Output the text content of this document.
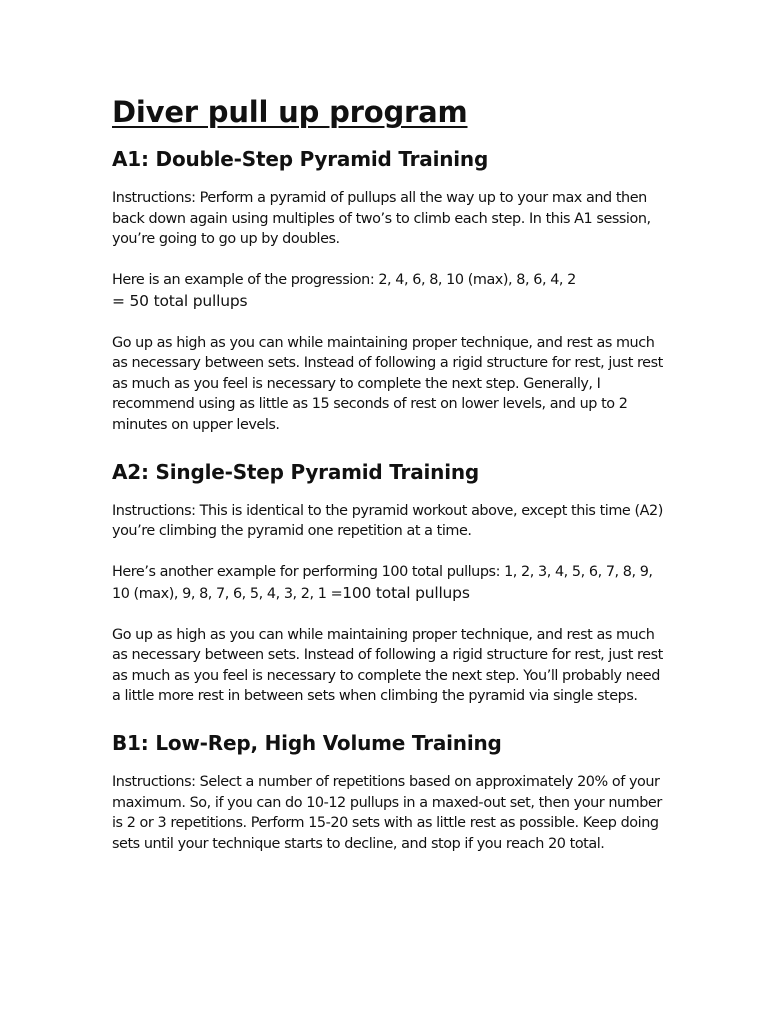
Diver pull up program
A1: Double-Step Pyramid Training

Instructions: Perform a pyramid of pullups all the way up to your max and then back down again using multiples of two’s to climb each step. In this A1 session, you’re going to go up by doubles.

Here is an example of the progression: 2, 4, 6, 8, 10 (max), 8, 6, 4, 2
= 50 total pullups

Go up as high as you can while maintaining proper technique, and rest as much as necessary between sets. Instead of following a rigid structure for rest, just rest as much as you feel is necessary to complete the next step. Generally, I recommend using as little as 15 seconds of rest on lower levels, and up to 2 minutes on upper levels.

A2: Single-Step Pyramid Training

Instructions: This is identical to the pyramid workout above, except this time (A2) you’re climbing the pyramid one repetition at a time.

Here’s another example for performing 100 total pullups: 1, 2, 3, 4, 5, 6, 7, 8, 9, 10 (max), 9, 8, 7, 6, 5, 4, 3, 2, 1 =100 total pullups

Go up as high as you can while maintaining proper technique, and rest as much as necessary between sets. Instead of following a rigid structure for rest, just rest as much as you feel is necessary to complete the next step. You’ll probably need a little more rest in between sets when climbing the pyramid via single steps.

B1: Low-Rep, High Volume Training

Instructions: Select a number of repetitions based on approximately 20% of your maximum. So, if you can do 10-12 pullups in a maxed-out set, then your number is 2 or 3 repetitions. Perform 15-20 sets with as little rest as possible. Keep doing sets until your technique starts to decline, and stop if you reach 20 total.
